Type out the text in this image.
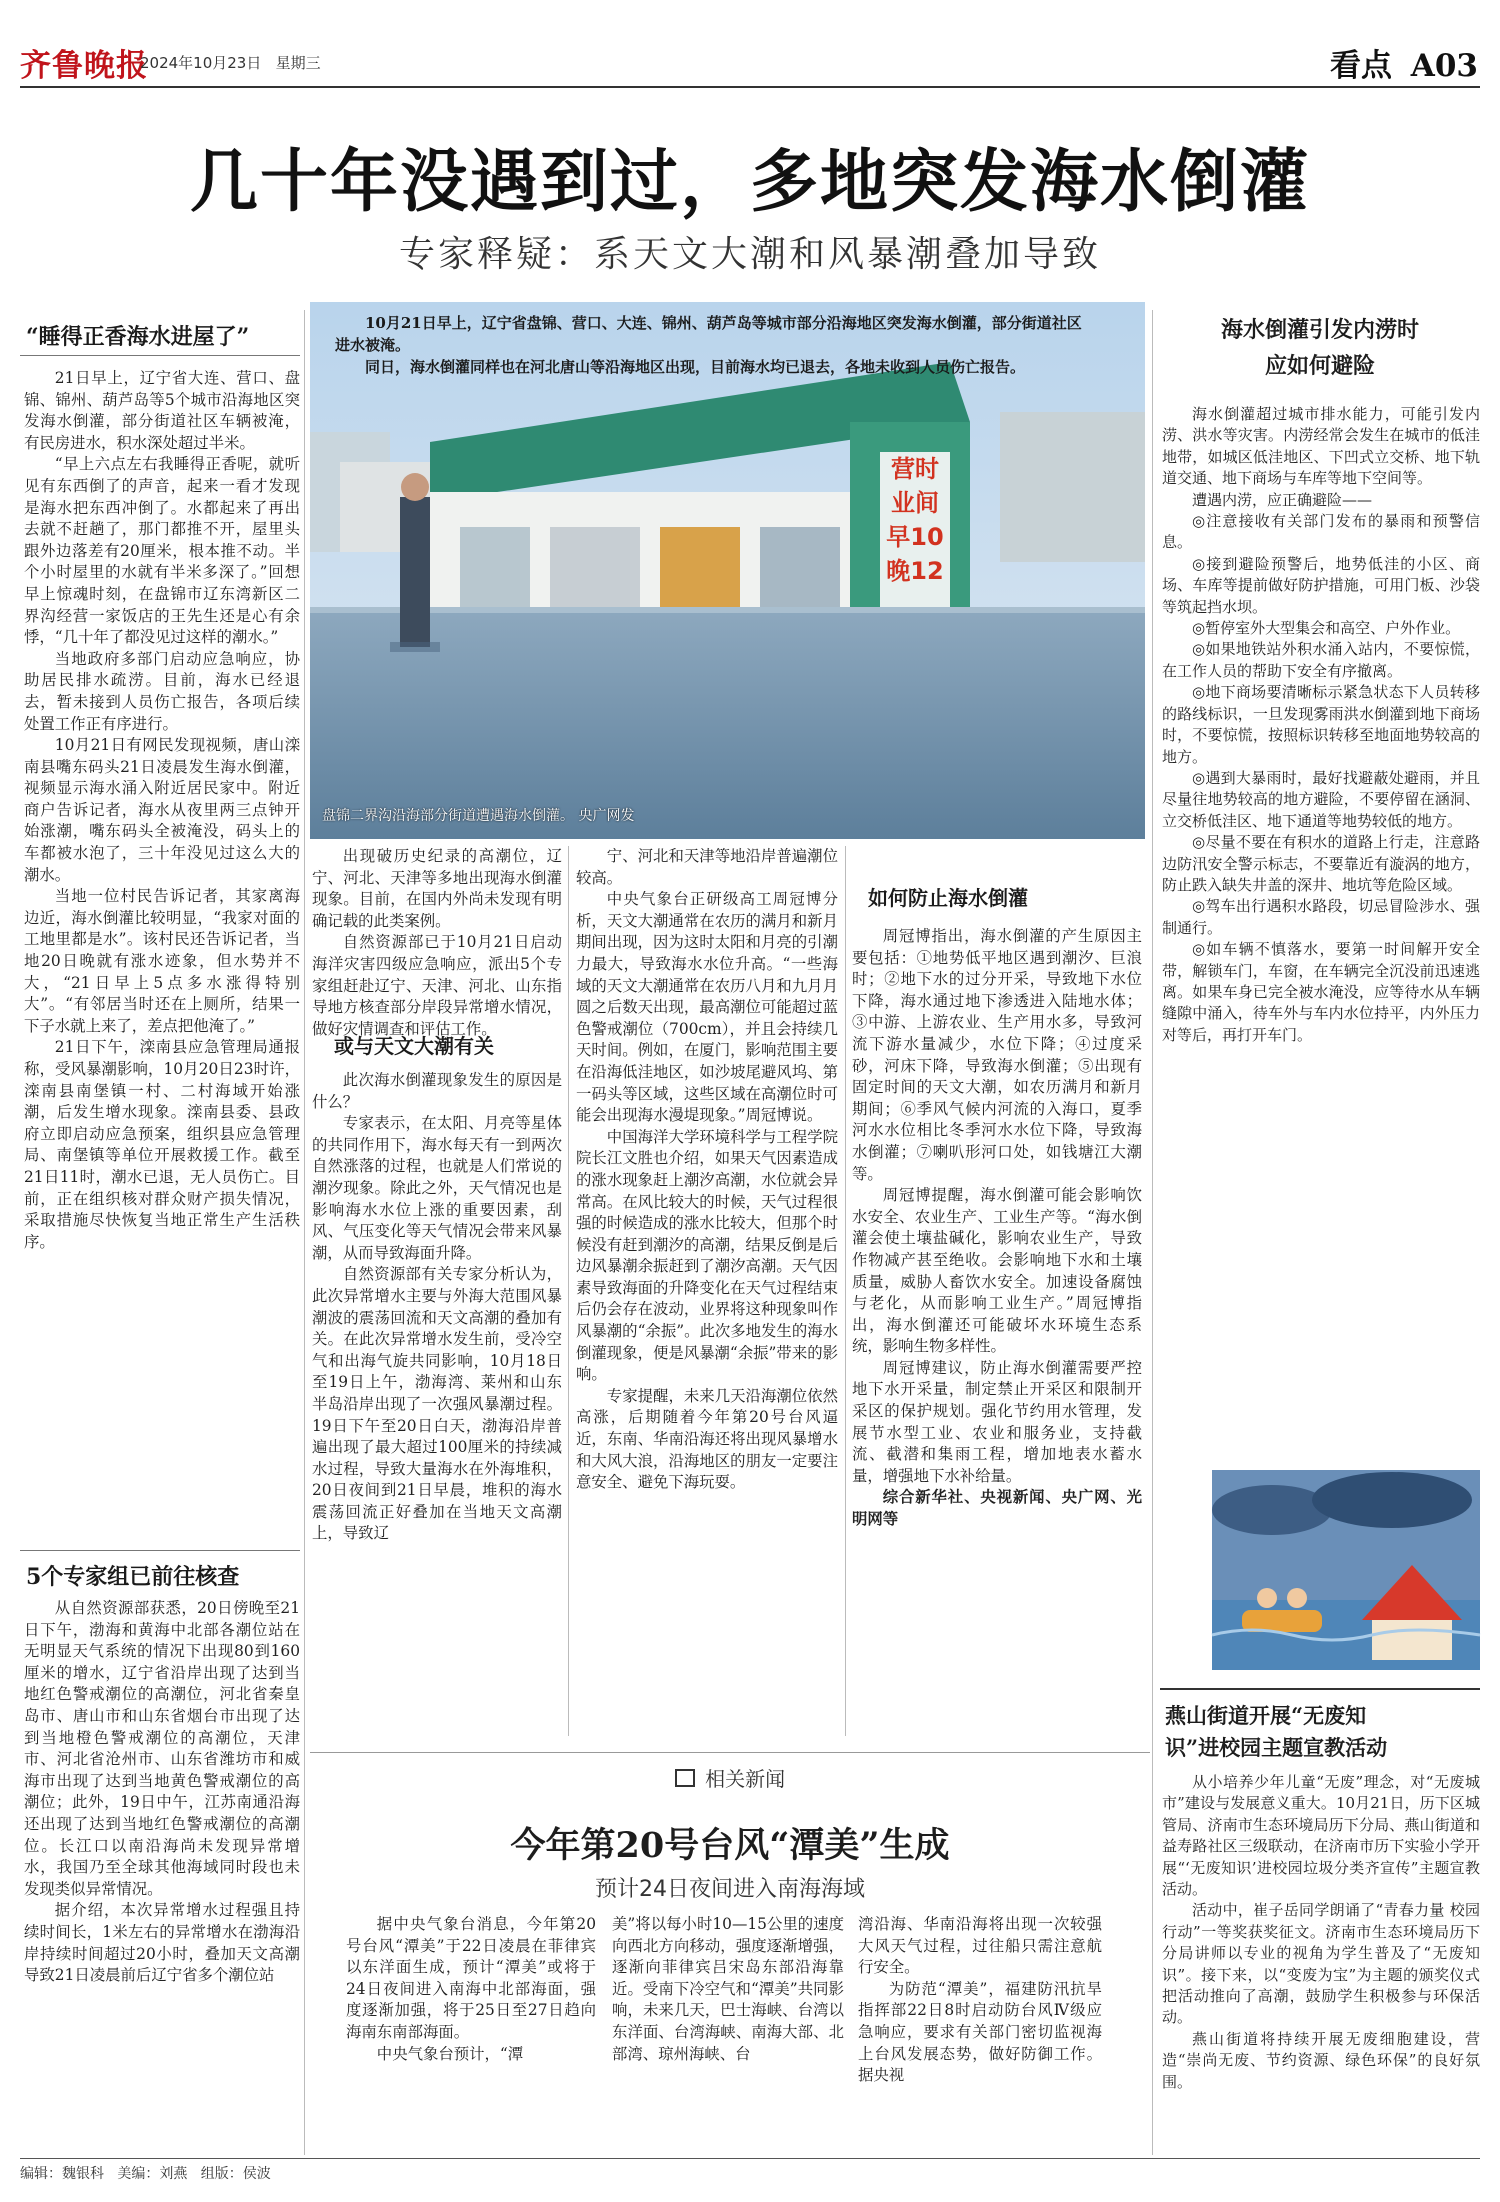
齐鲁晚报
2024年10月23日 星期三	看点 A03
几十年没遇到过，多地突发海水倒灌
专家释疑：系天文大潮和风暴潮叠加导致
“睡得正香海水进屋了”

21日早上，辽宁省大连、营口、盘锦、锦州、葫芦岛等5个城市沿海地区突发海水倒灌，部分街道社区车辆被淹，有民房进水，积水深处超过半米。

“早上六点左右我睡得正香呢，就听见有东西倒了的声音，起来一看才发现是海水把东西冲倒了。水都起来了再出去就不赶趟了，那门都推不开，屋里头跟外边落差有20厘米，根本推不动。半个小时屋里的水就有半米多深了。”回想早上惊魂时刻，在盘锦市辽东湾新区二界沟经营一家饭店的王先生还是心有余悸，“几十年了都没见过这样的潮水。”

当地政府多部门启动应急响应，协助居民排水疏涝。目前，海水已经退去，暂未接到人员伤亡报告，各项后续处置工作正有序进行。

10月21日有网民发现视频，唐山滦南县嘴东码头21日凌晨发生海水倒灌，视频显示海水涌入附近居民家中。附近商户告诉记者，海水从夜里两三点钟开始涨潮，嘴东码头全被淹没，码头上的车都被水泡了，三十年没见过这么大的潮水。

当地一位村民告诉记者，其家离海边近，海水倒灌比较明显，“我家对面的工地里都是水”。该村民还告诉记者，当地20日晚就有涨水迹象，但水势并不大，“21日早上5点多水涨得特别大”。“有邻居当时还在上厕所，结果一下子水就上来了，差点把他淹了。”

21日下午，滦南县应急管理局通报称，受风暴潮影响，10月20日23时许，滦南县南堡镇一村、二村海域开始涨潮，后发生增水现象。滦南县委、县政府立即启动应急预案，组织县应急管理局、南堡镇等单位开展救援工作。截至21日11时，潮水已退，无人员伤亡。目前，正在组织核对群众财产损失情况，采取措施尽快恢复当地正常生产生活秩序。

5个专家组已前往核查

从自然资源部获悉，20日傍晚至21日下午，渤海和黄海中北部各潮位站在无明显天气系统的情况下出现80到160厘米的增水，辽宁省沿岸出现了达到当地红色警戒潮位的高潮位，河北省秦皇岛市、唐山市和山东省烟台市出现了达到当地橙色警戒潮位的高潮位，天津市、河北省沧州市、山东省潍坊市和威海市出现了达到当地黄色警戒潮位的高潮位；此外，19日中午，江苏南通沿海还出现了达到当地红色警戒潮位的高潮位。长江口以南沿海尚未发现异常增水，我国乃至全球其他海域同时段也未发现类似异常情况。

据介绍，本次异常增水过程强且持续时间长，1米左右的异常增水在渤海沿岸持续时间超过20小时，叠加天文高潮导致21日凌晨前后辽宁省多个潮位站

营时
业间
早10
晚12
10月21日早上，辽宁省盘锦、营口、大连、锦州、葫芦岛等城市部分沿海地区突发海水倒灌，部分街道社区进水被淹。
同日，海水倒灌同样也在河北唐山等沿海地区出现，目前海水均已退去，各地未收到人员伤亡报告。
盘锦二界沟沿海部分街道遭遇海水倒灌。 央广网发

出现破历史纪录的高潮位，辽宁、河北、天津等多地出现海水倒灌现象。目前，在国内外尚未发现有明确记载的此类案例。

自然资源部已于10月21日启动海洋灾害四级应急响应，派出5个专家组赶赴辽宁、天津、河北、山东指导地方核查部分岸段异常增水情况，做好灾情调查和评估工作。

或与天文大潮有关

此次海水倒灌现象发生的原因是什么？

专家表示，在太阳、月亮等星体的共同作用下，海水每天有一到两次自然涨落的过程，也就是人们常说的潮汐现象。除此之外，天气情况也是影响海水水位上涨的重要因素，刮风、气压变化等天气情况会带来风暴潮，从而导致海面升降。

自然资源部有关专家分析认为，此次异常增水主要与外海大范围风暴潮波的震荡回流和天文高潮的叠加有关。在此次异常增水发生前，受冷空气和出海气旋共同影响，10月18日至19日上午，渤海湾、莱州和山东半岛沿岸出现了一次强风暴潮过程。19日下午至20日白天，渤海沿岸普遍出现了最大超过100厘米的持续减水过程，导致大量海水在外海堆积，20日夜间到21日早晨，堆积的海水震荡回流正好叠加在当地天文高潮上，导致辽

宁、河北和天津等地沿岸普遍潮位较高。

中央气象台正研级高工周冠博分析，天文大潮通常在农历的满月和新月期间出现，因为这时太阳和月亮的引潮力最大，导致海水水位升高。“一些海域的天文大潮通常在农历八月和九月月圆之后数天出现，最高潮位可能超过蓝色警戒潮位（700cm），并且会持续几天时间。例如，在厦门，影响范围主要在沿海低洼地区，如沙坡尾避风坞、第一码头等区域，这些区域在高潮位时可能会出现海水漫堤现象。”周冠博说。

中国海洋大学环境科学与工程学院院长江文胜也介绍，如果天气因素造成的涨水现象赶上潮汐高潮，水位就会异常高。在风比较大的时候，天气过程很强的时候造成的涨水比较大，但那个时候没有赶到潮汐的高潮，结果反倒是后边风暴潮余振赶到了潮汐高潮。天气因素导致海面的升降变化在天气过程结束后仍会存在波动，业界将这种现象叫作风暴潮的“余振”。此次多地发生的海水倒灌现象，便是风暴潮“余振”带来的影响。

专家提醒，未来几天沿海潮位依然高涨，后期随着今年第20号台风逼近，东南、华南沿海还将出现风暴增水和大风大浪，沿海地区的朋友一定要注意安全、避免下海玩耍。

如何防止海水倒灌

周冠博指出，海水倒灌的产生原因主要包括：①地势低平地区遇到潮汐、巨浪时；②地下水的过分开采，导致地下水位下降，海水通过地下渗透进入陆地水体；③中游、上游农业、生产用水多，导致河流下游水量减少，水位下降；④过度采砂，河床下降，导致海水倒灌；⑤出现有固定时间的天文大潮，如农历满月和新月期间；⑥季风气候内河流的入海口，夏季河水水位相比冬季河水水位下降，导致海水倒灌；⑦喇叭形河口处，如钱塘江大潮等。

周冠博提醒，海水倒灌可能会影响饮水安全、农业生产、工业生产等。“海水倒灌会使土壤盐碱化，影响农业生产，导致作物减产甚至绝收。会影响地下水和土壤质量，威胁人畜饮水安全。加速设备腐蚀与老化，从而影响工业生产。”周冠博指出，海水倒灌还可能破坏水环境生态系统，影响生物多样性。

周冠博建议，防止海水倒灌需要严控地下水开采量，制定禁止开采区和限制开采区的保护规划。强化节约用水管理，发展节水型工业、农业和服务业，支持截流、截潜和集雨工程，增加地表水蓄水量，增强地下水补给量。

综合新华社、央视新闻、央广网、光明网等

海水倒灌引发内涝时
应如何避险

海水倒灌超过城市排水能力，可能引发内涝、洪水等灾害。内涝经常会发生在城市的低洼地带，如城区低洼地区、下凹式立交桥、地下轨道交通、地下商场与车库等地下空间等。

遭遇内涝，应正确避险——

◎注意接收有关部门发布的暴雨和预警信息。

◎接到避险预警后，地势低洼的小区、商场、车库等提前做好防护措施，可用门板、沙袋等筑起挡水坝。

◎暂停室外大型集会和高空、户外作业。

◎如果地铁站外积水涌入站内，不要惊慌，在工作人员的帮助下安全有序撤离。

◎地下商场要清晰标示紧急状态下人员转移的路线标识，一旦发现雾雨洪水倒灌到地下商场时，不要惊慌，按照标识转移至地面地势较高的地方。

◎遇到大暴雨时，最好找避蔽处避雨，并且尽量往地势较高的地方避险，不要停留在涵洞、立交桥低洼区、地下通道等地势较低的地方。

◎尽量不要在有积水的道路上行走，注意路边防汛安全警示标志，不要靠近有漩涡的地方，防止跌入缺失井盖的深井、地坑等危险区域。

◎驾车出行遇积水路段，切忌冒险涉水、强制通行。

◎如车辆不慎落水，要第一时间解开安全带，解锁车门，车窗，在车辆完全沉没前迅速逃离。如果车身已完全被水淹没，应等待水从车辆缝隙中涌入，待车外与车内水位持平，内外压力对等后，再打开车门。

燕山街道开展“无废知
识”进校园主题宣教活动

从小培养少年儿童“无废”理念，对“无废城市”建设与发展意义重大。10月21日，历下区城管局、济南市生态环境局历下分局、燕山街道和益寿路社区三级联动，在济南市历下实验小学开展“‘无废知识’进校园垃圾分类齐宣传”主题宣教活动。

活动中，崔子岳同学朗诵了“青春力量 校园行动”一等奖获奖征文。济南市生态环境局历下分局讲师以专业的视角为学生普及了“无废知识”。接下来，以“变废为宝”为主题的颁奖仪式把活动推向了高潮，鼓励学生积极参与环保活动。

燕山街道将持续开展无废细胞建设，营造“崇尚无废、节约资源、绿色环保”的良好氛围。

相关新闻
今年第20号台风“潭美”生成
预计24日夜间进入南海海域

据中央气象台消息，今年第20号台风“潭美”于22日凌晨在菲律宾以东洋面生成，预计“潭美”或将于24日夜间进入南海中北部海面，强度逐渐加强，将于25日至27日趋向海南东南部海面。

中央气象台预计，“潭

美”将以每小时10—15公里的速度向西北方向移动，强度逐渐增强，逐渐向菲律宾吕宋岛东部沿海靠近。受南下冷空气和“潭美”共同影响，未来几天，巴士海峡、台湾以东洋面、台湾海峡、南海大部、北部湾、琼州海峡、台

湾沿海、华南沿海将出现一次较强大风天气过程，过往船只需注意航行安全。

为防范“潭美”，福建防汛抗旱指挥部22日8时启动防台风Ⅳ级应急响应，要求有关部门密切监视海上台风发展态势，做好防御工作。 据央视

编辑：魏银科 美编：刘燕 组版：侯波
